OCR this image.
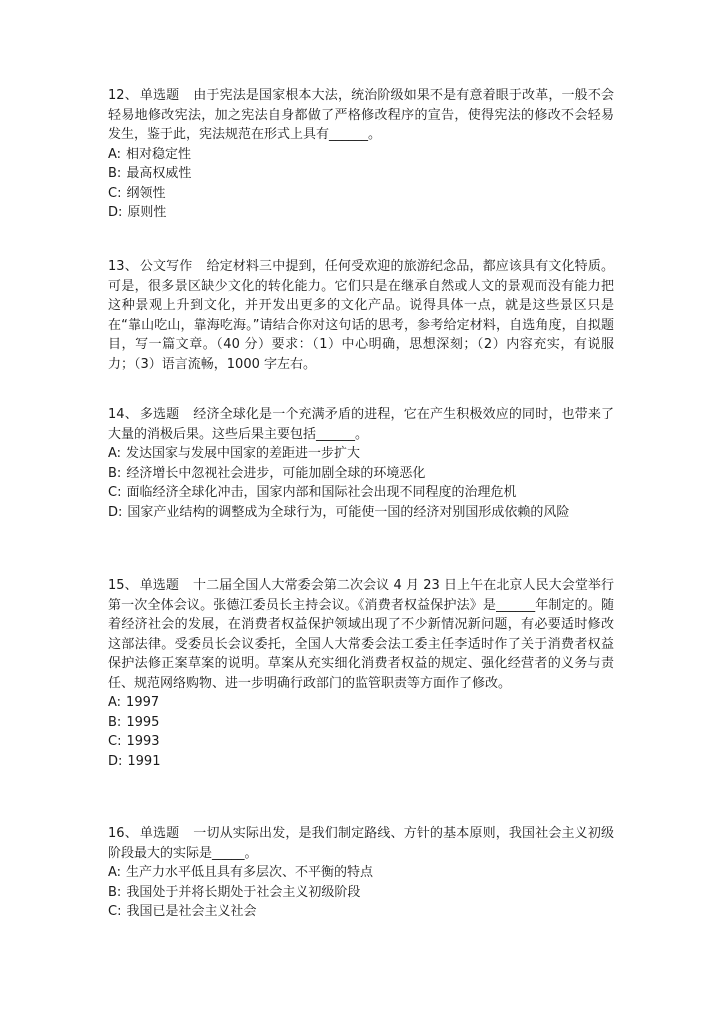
12、 单选题 由于宪法是国家根本大法，统治阶级如果不是有意着眼于改革，一般不会轻易地修改宪法，加之宪法自身都做了严格修改程序的宣告，使得宪法的修改不会轻易发生，鉴于此，宪法规范在形式上具有______。

A: 相对稳定性
B: 最高权威性
C: 纲领性
D: 原则性

13、 公文写作 给定材料三中提到，任何受欢迎的旅游纪念品，都应该具有文化特质。可是，很多景区缺少文化的转化能力。它们只是在继承自然或人文的景观而没有能力把这种景观上升到文化，并开发出更多的文化产品。说得具体一点，就是这些景区只是在“靠山吃山，靠海吃海。”请结合你对这句话的思考，参考给定材料，自选角度，自拟题目，写一篇文章。（40 分）要求：（1）中心明确，思想深刻；（2）内容充实，有说服力；（3）语言流畅，1000 字左右。

14、 多选题 经济全球化是一个充满矛盾的进程，它在产生积极效应的同时，也带来了大量的消极后果。这些后果主要包括______。

A: 发达国家与发展中国家的差距进一步扩大
B: 经济增长中忽视社会进步，可能加剧全球的环境恶化
C: 面临经济全球化冲击，国家内部和国际社会出现不同程度的治理危机
D: 国家产业结构的调整成为全球行为，可能使一国的经济对别国形成依赖的风险

15、 单选题 十二届全国人大常委会第二次会议 4 月 23 日上午在北京人民大会堂举行第一次全体会议。张德江委员长主持会议。《消费者权益保护法》是______年制定的。随着经济社会的发展，在消费者权益保护领域出现了不少新情况新问题，有必要适时修改这部法律。受委员长会议委托，全国人大常委会法工委主任李适时作了关于消费者权益保护法修正案草案的说明。草案从充实细化消费者权益的规定、强化经营者的义务与责任、规范网络购物、进一步明确行政部门的监管职责等方面作了修改。

A: 1997
B: 1995
C: 1993
D: 1991

16、 单选题 一切从实际出发，是我们制定路线、方针的基本原则，我国社会主义初级阶段最大的实际是_____。

A: 生产力水平低且具有多层次、不平衡的特点
B: 我国处于并将长期处于社会主义初级阶段
C: 我国已是社会主义社会
